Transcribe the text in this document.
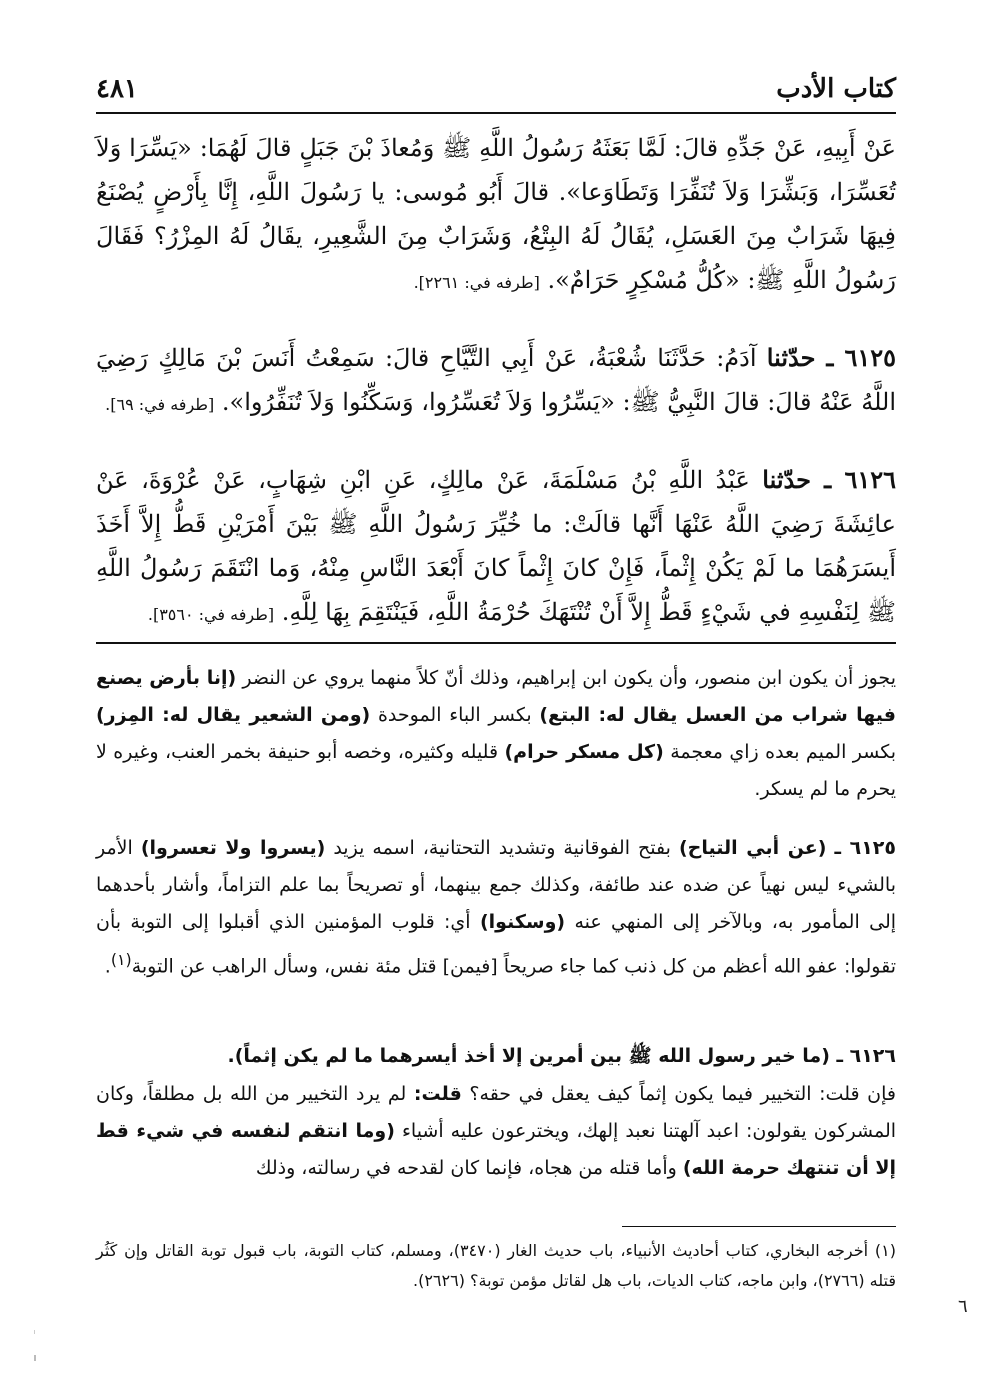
كتاب الأدب
٤٨١
عَنْ أَبِيهِ، عَنْ جَدِّهِ قالَ: لَمَّا بَعَثَهُ رَسُولُ اللَّهِ ﷺ وَمُعاذَ بْنَ جَبَلٍ قالَ لَهُمَا: «يَسِّرَا وَلاَ تُعَسِّرَا، وَبَشِّرَا وَلاَ تُنَفِّرَا وَتَطَاوَعا». قالَ أَبُو مُوسى: يا رَسُولَ اللَّهِ، إِنَّا بِأَرْضٍ يُصْنَعُ فِيهَا شَرَابٌ مِنَ العَسَلِ، يُقَالُ لَهُ البِتْعُ، وَشَرَابٌ مِنَ الشَّعِيرِ، يقَالُ لَهُ المِزْرُ؟ فَقَالَ رَسُولُ اللَّهِ ﷺ: «كُلُّ مُسْكِرٍ حَرَامٌ». [طرفه في: ٢٢٦١].
٦١٢٥ ـ حدّثنا آدَمُ: حَدَّثَنَا شُعْبَةُ، عَنْ أَبِي التَّيَّاحِ قالَ: سَمِعْتُ أَنَسَ بْنَ مَالِكٍ رَضِيَ اللَّهُ عَنْهُ قالَ: قالَ النَّبِيُّ ﷺ: «يَسِّرُوا وَلاَ تُعَسِّرُوا، وَسَكِّنُوا وَلاَ تُنَفِّرُوا». [طرفه في: ٦٩].
٦١٢٦ ـ حدّثنا عَبْدُ اللَّهِ بْنُ مَسْلَمَةَ، عَنْ مالِكٍ، عَنِ ابْنِ شِهَابٍ، عَنْ عُرْوَةَ، عَنْ عائِشَةَ رَضِيَ اللَّهُ عَنْهَا أَنَّها قالَتْ: ما خُيِّرَ رَسُولُ اللَّهِ ﷺ بَيْنَ أَمْرَيْنِ قَطُّ إِلاَّ أَخَذَ أَيسَرَهُمَا ما لَمْ يَكُنْ إِثْماً، فَإِنْ كانَ إِثْماً كانَ أَبْعَدَ النَّاسِ مِنْهُ، وَما انْتَقَمَ رَسُولُ اللَّهِ ﷺ لِنَفْسِهِ في شَيْءٍ قَطُّ إِلاَّ أَنْ تُنْتَهَكَ حُرْمَةُ اللَّهِ، فَيَنْتَقِمَ بِهَا لِلَّهِ. [طرفه في: ٣٥٦٠].
يجوز أن يكون ابن منصور، وأن يكون ابن إبراهيم، وذلك أنّ كلاً منهما يروي عن النضر (إنا بأرض يصنع فيها شراب من العسل يقال له: البتع) بكسر الباء الموحدة (ومن الشعير يقال له: المِزر) بكسر الميم بعده زاي معجمة (كل مسكر حرام) قليله وكثيره، وخصه أبو حنيفة بخمر العنب، وغيره لا يحرم ما لم يسكر.
٦١٢٥ ـ (عن أبي التياح) بفتح الفوقانية وتشديد التحتانية، اسمه يزيد (يسروا ولا تعسروا) الأمر بالشيء ليس نهياً عن ضده عند طائفة، وكذلك جمع بينهما، أو تصريحاً بما علم التزاماً، وأشار بأحدهما إلى المأمور به، وبالآخر إلى المنهي عنه (وسكنوا) أي: قلوب المؤمنين الذي أقبلوا إلى التوبة بأن تقولوا: عفو الله أعظم من كل ذنب كما جاء صريحاً [فيمن] قتل مئة نفس، وسأل الراهب عن التوبة$^{(١)}$.
٦١٢٦ ـ (ما خير رسول الله ﷺ بين أمرين إلا أخذ أيسرهما ما لم يكن إثماً).
فإن قلت: التخيير فيما يكون إثماً كيف يعقل في حقه؟ قلت: لم يرد التخيير من الله بل مطلقاً، وكان المشركون يقولون: اعبد آلهتنا نعبد إلهك، ويخترعون عليه أشياء (وما انتقم لنفسه في شيء قط إلا أن تنتهك حرمة الله) وأما قتله من هجاه، فإنما كان لقدحه في رسالته، وذلك
(١) أخرجه البخاري، كتاب أحاديث الأنبياء، باب حديث الغار (٣٤٧٠)، ومسلم، كتاب التوبة، باب قبول توبة القاتل وإن كَثُر قتله (٢٧٦٦)، وابن ماجه، كتاب الديات، باب هل لقاتل مؤمن توبة؟ (٢٦٢٦).
٦
